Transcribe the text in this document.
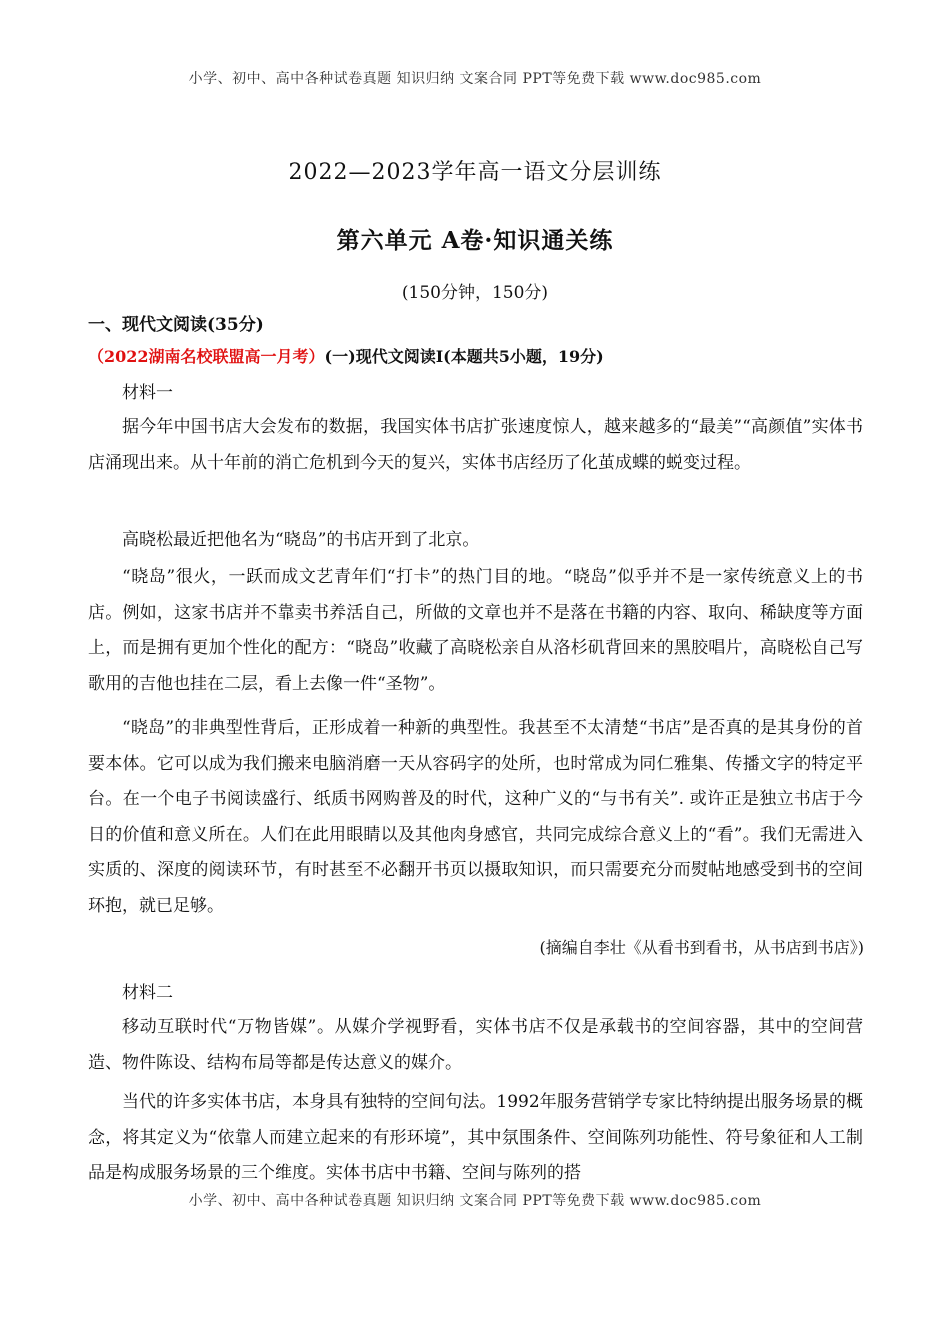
小学、初中、高中各种试卷真题 知识归纳 文案合同 PPT等免费下载 www.doc985.com
2022—2023学年高一语文分层训练
第六单元 A卷·知识通关练
(150分钟，150分)
一、现代文阅读(35分)
（2022湖南名校联盟高一月考）(一)现代文阅读Ⅰ(本题共5小题，19分)
材料一

据今年中国书店大会发布的数据，我国实体书店扩张速度惊人，越来越多的“最美”“高颜值”实体书店涌现出来。从十年前的消亡危机到今天的复兴，实体书店经历了化茧成蝶的蜕变过程。

高晓松最近把他名为“晓岛”的书店开到了北京。

“晓岛”很火，一跃而成文艺青年们“打卡”的热门目的地。“晓岛”似乎并不是一家传统意义上的书店。例如，这家书店并不靠卖书养活自己，所做的文章也并不是落在书籍的内容、取向、稀缺度等方面上，而是拥有更加个性化的配方：“晓岛”收藏了高晓松亲自从洛杉矶背回来的黑胶唱片，高晓松自己写歌用的吉他也挂在二层，看上去像一件“圣物”。

“晓岛”的非典型性背后，正形成着一种新的典型性。我甚至不太清楚“书店”是否真的是其身份的首要本体。它可以成为我们搬来电脑消磨一天从容码字的处所，也时常成为同仁雅集、传播文字的特定平台。在一个电子书阅读盛行、纸质书网购普及的时代，这种广义的“与书有关”. 或许正是独立书店于今日的价值和意义所在。人们在此用眼睛以及其他肉身感官，共同完成综合意义上的“看”。我们无需进入实质的、深度的阅读环节，有时甚至不必翻开书页以摄取知识，而只需要充分而熨帖地感受到书的空间环抱，就已足够。

(摘编自李壮《从看书到看书，从书店到书店》)
材料二

移动互联时代“万物皆媒”。从媒介学视野看，实体书店不仅是承载书的空间容器，其中的空间营造、物件陈设、结构布局等都是传达意义的媒介。

当代的许多实体书店，本身具有独特的空间句法。1992年服务营销学专家比特纳提出服务场景的概念，将其定义为“依靠人而建立起来的有形环境”，其中氛围条件、空间陈列功能性、符号象征和人工制品是构成服务场景的三个维度。实体书店中书籍、空间与陈列的搭

小学、初中、高中各种试卷真题 知识归纳 文案合同 PPT等免费下载 www.doc985.com
